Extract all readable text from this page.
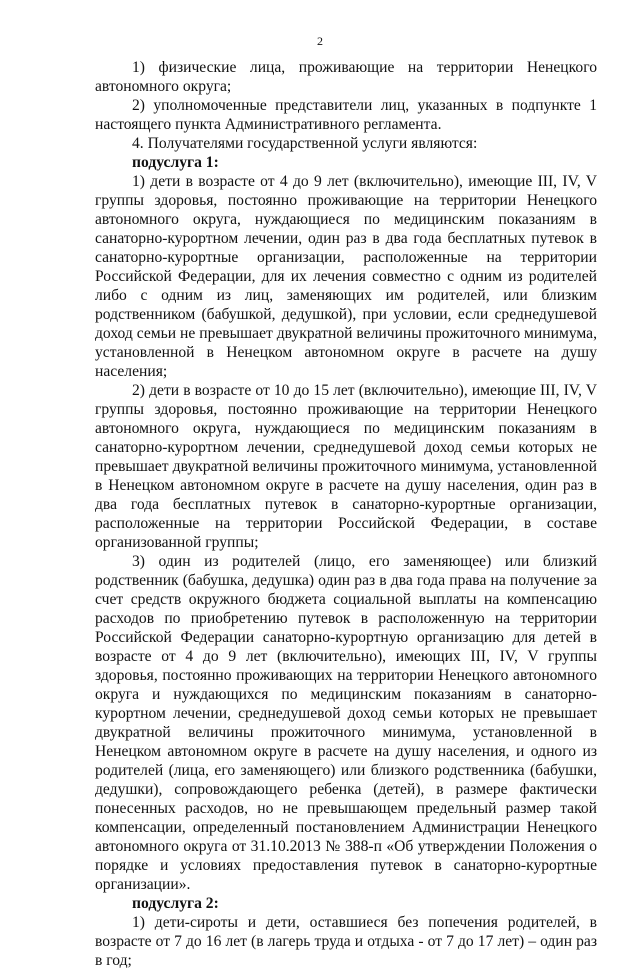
2

1) физические лица, проживающие на территории Ненецкого автономного округа;

2) уполномоченные представители лиц, указанных в подпункте 1 настоящего пункта Административного регламента.

4. Получателями государственной услуги являются:

подуслуга 1:

1) дети в возрасте от 4 до 9 лет (включительно), имеющие III, IV, V группы здоровья, постоянно проживающие на территории Ненецкого автономного округа, нуждающиеся по медицинским показаниям в санаторно-курортном лечении, один раз в два года бесплатных путевок в санаторно-курортные организации, расположенные на территории Российской Федерации, для их лечения совместно с одним из родителей либо с одним из лиц, заменяющих им родителей, или близким родственником (бабушкой, дедушкой), при условии, если среднедушевой доход семьи не превышает двукратной величины прожиточного минимума, установленной в Ненецком автономном округе в расчете на душу населения;

2) дети в возрасте от 10 до 15 лет (включительно), имеющие III, IV, V группы здоровья, постоянно проживающие на территории Ненецкого автономного округа, нуждающиеся по медицинским показаниям в санаторно-курортном лечении, среднедушевой доход семьи которых не превышает двукратной величины прожиточного минимума, установленной в Ненецком автономном округе в расчете на душу населения, один раз в два года бесплатных путевок в санаторно-курортные организации, расположенные на территории Российской Федерации, в составе организованной группы;

3) один из родителей (лицо, его заменяющее) или близкий родственник (бабушка, дедушка) один раз в два года права на получение за счет средств окружного бюджета социальной выплаты на компенсацию расходов по приобретению путевок в расположенную на территории Российской Федерации санаторно-курортную организацию для детей в возрасте от 4 до 9 лет (включительно), имеющих III, IV, V группы здоровья, постоянно проживающих на территории Ненецкого автономного округа и нуждающихся по медицинским показаниям в санаторно-курортном лечении, среднедушевой доход семьи которых не превышает двукратной величины прожиточного минимума, установленной в Ненецком автономном округе в расчете на душу населения, и одного из родителей (лица, его заменяющего) или близкого родственника (бабушки, дедушки), сопровождающего ребенка (детей), в размере фактически понесенных расходов, но не превышающем предельный размер такой компенсации, определенный постановлением Администрации Ненецкого автономного округа от 31.10.2013 № 388-п «Об утверждении Положения о порядке и условиях предоставления путевок в санаторно-курортные организации».

подуслуга 2:

1) дети-сироты и дети, оставшиеся без попечения родителей, в возрасте от 7 до 16 лет (в лагерь труда и отдыха - от 7 до 17 лет) – один раз в год;
